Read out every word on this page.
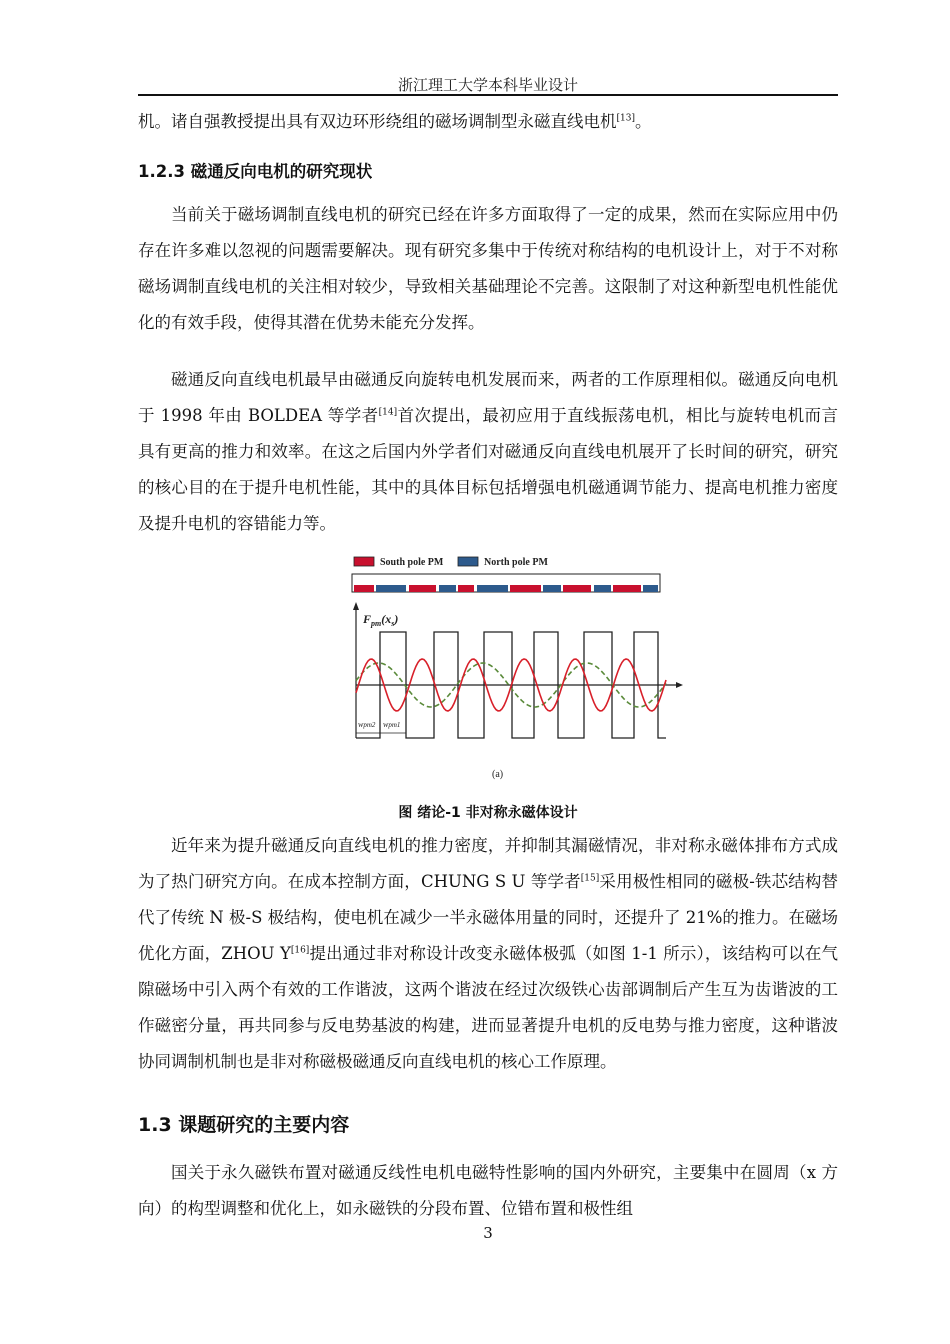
浙江理工大学本科毕业设计

机。诸自强教授提出具有双边环形绕组的磁场调制型永磁直线电机[13]。

1.2.3 磁通反向电机的研究现状

当前关于磁场调制直线电机的研究已经在许多方面取得了一定的成果，然而在实际应用中仍存在许多难以忽视的问题需要解决。现有研究多集中于传统对称结构的电机设计上，对于不对称磁场调制直线电机的关注相对较少，导致相关基础理论不完善。这限制了对这种新型电机性能优化的有效手段，使得其潜在优势未能充分发挥。

磁通反向直线电机最早由磁通反向旋转电机发展而来，两者的工作原理相似。磁通反向电机于 1998 年由 BOLDEA 等学者[14]首次提出，最初应用于直线振荡电机，相比与旋转电机而言具有更高的推力和效率。在这之后国内外学者们对磁通反向直线电机展开了长时间的研究，研究的核心目的在于提升电机性能，其中的具体目标包括增强电机磁通调节能力、提高电机推力密度及提升电机的容错能力等。

South pole PM	North pole PM
$F_{pm}(x_s)$
wpm2 wpm1
(a)
图 绪论-1 非对称永磁体设计

近年来为提升磁通反向直线电机的推力密度，并抑制其漏磁情况，非对称永磁体排布方式成为了热门研究方向。在成本控制方面，CHUNG S U 等学者[15]采用极性相同的磁极-铁芯结构替代了传统 N 极-S 极结构，使电机在减少一半永磁体用量的同时，还提升了 21%的推力。在磁场优化方面，ZHOU Y[16]提出通过非对称设计改变永磁体极弧（如图 1-1 所示），该结构可以在气隙磁场中引入两个有效的工作谐波，这两个谐波在经过次级铁心齿部调制后产生互为齿谐波的工作磁密分量，再共同参与反电势基波的构建，进而显著提升电机的反电势与推力密度，这种谐波协同调制机制也是非对称磁极磁通反向直线电机的核心工作原理。

1.3 课题研究的主要内容

国关于永久磁铁布置对磁通反线性电机电磁特性影响的国内外研究，主要集中在圆周（x 方向）的构型调整和优化上，如永磁铁的分段布置、位错布置和极性组

3
